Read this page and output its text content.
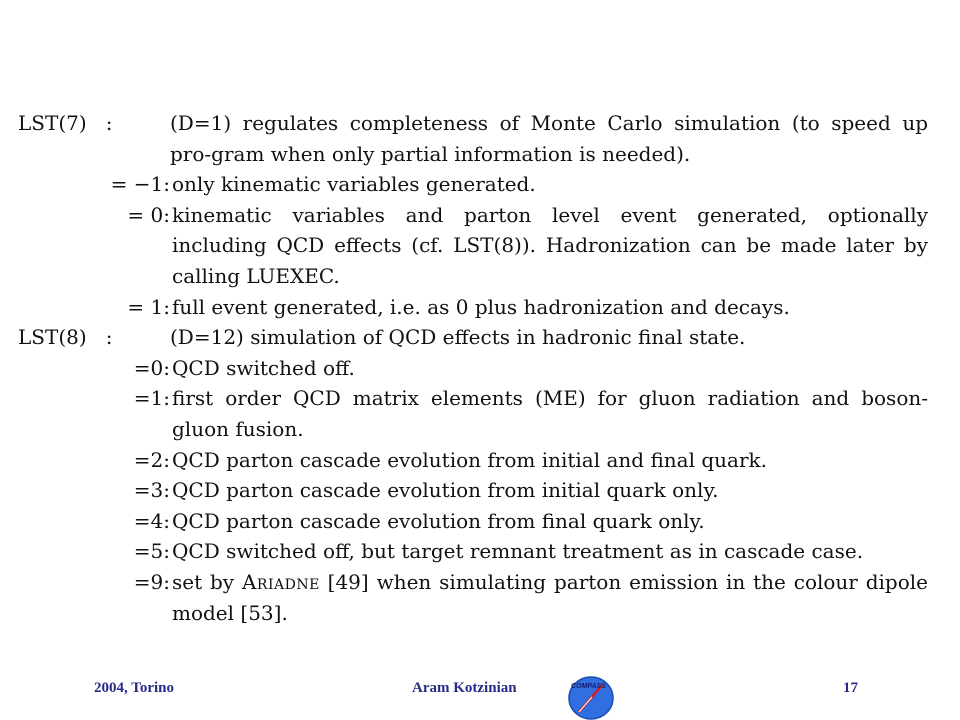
LST(7)   :	(D=1) regulates completeness of Monte Carlo simulation (to speed up pro-gram when only partial information is needed).
= −1: only kinematic variables generated.
= 0: kinematic variables and parton level event generated, optionally including QCD effects (cf. LST(8)). Hadronization can be made later by calling LUEXEC.
= 1: full event generated, i.e. as 0 plus hadronization and decays.
LST(8)   :	(D=12) simulation of QCD effects in hadronic final state.
=0: QCD switched off.
=1: first order QCD matrix elements (ME) for gluon radiation and boson-gluon fusion.
=2: QCD parton cascade evolution from initial and final quark.
=3: QCD parton cascade evolution from initial quark only.
=4: QCD parton cascade evolution from final quark only.
=5: QCD switched off, but target remnant treatment as in cascade case.
=9: set by Ariadne [49] when simulating parton emission in the colour dipole model [53].
2004, Torino	Aram Kotzinian	COMPASS	17
